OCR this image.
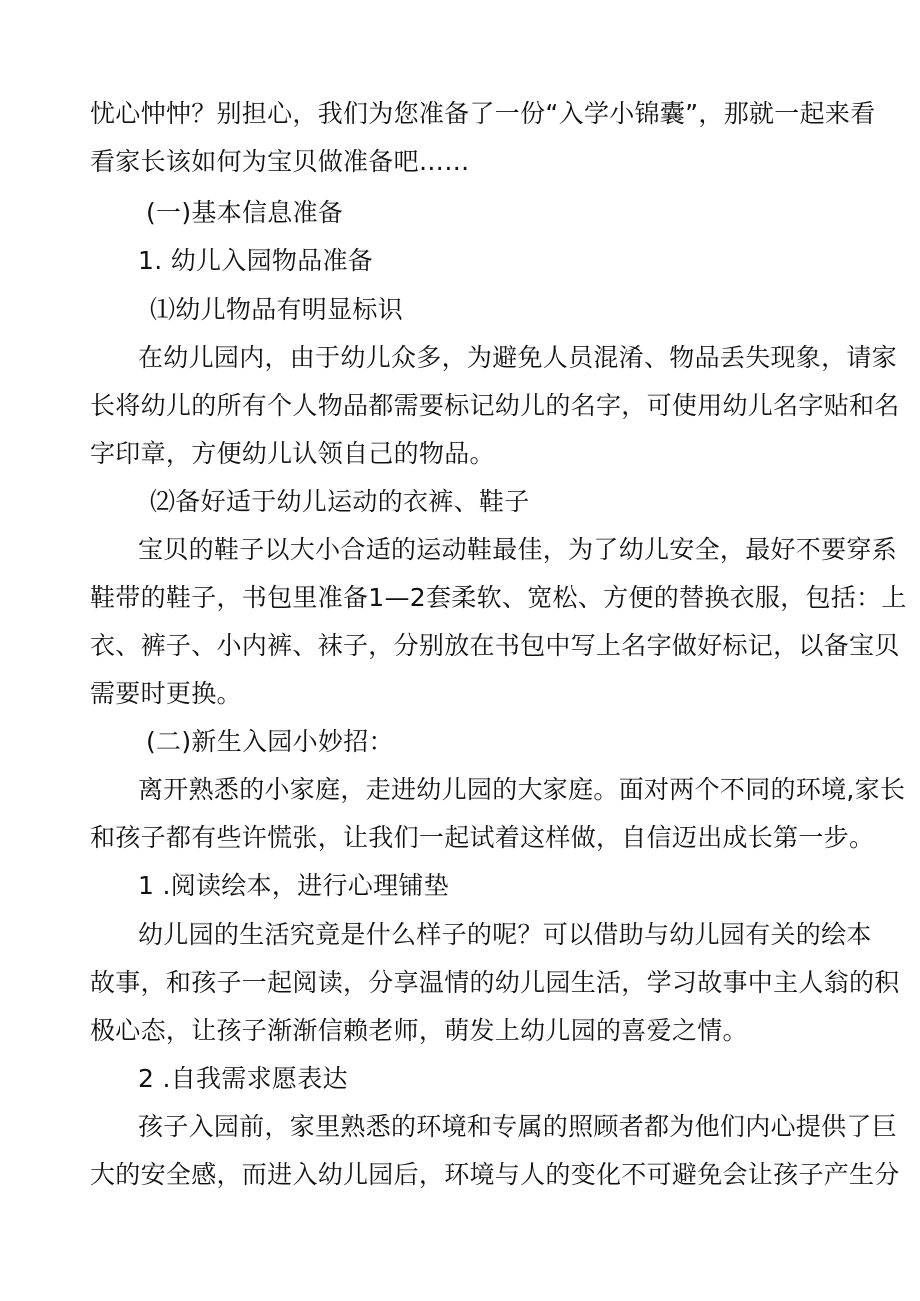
忧心忡忡？别担心，我们为您准备了一份“入学小锦囊”，那就一起来看
看家长该如何为宝贝做准备吧……
(一)基本信息准备
1. 幼儿入园物品准备
⑴幼儿物品有明显标识
在幼儿园内，由于幼儿众多，为避免人员混淆、物品丢失现象，请家
长将幼儿的所有个人物品都需要标记幼儿的名字，可使用幼儿名字贴和名
字印章，方便幼儿认领自己的物品。
⑵备好适于幼儿运动的衣裤、鞋子
宝贝的鞋子以大小合适的运动鞋最佳，为了幼儿安全，最好不要穿系
鞋带的鞋子，书包里准备1—2套柔软、宽松、方便的替换衣服，包括：上
衣、裤子、小内裤、袜子，分别放在书包中写上名字做好标记，以备宝贝
需要时更换。
(二)新生入园小妙招：
离开熟悉的小家庭，走进幼儿园的大家庭。面对两个不同的环境,家长
和孩子都有些许慌张，让我们一起试着这样做，自信迈出成长第一步。
1 .阅读绘本，进行心理铺垫
幼儿园的生活究竟是什么样子的呢？可以借助与幼儿园有关的绘本
故事，和孩子一起阅读，分享温情的幼儿园生活，学习故事中主人翁的积
极心态，让孩子渐渐信赖老师，萌发上幼儿园的喜爱之情。
2 .自我需求愿表达
孩子入园前，家里熟悉的环境和专属的照顾者都为他们内心提供了巨
大的安全感，而进入幼儿园后，环境与人的变化不可避免会让孩子产生分
